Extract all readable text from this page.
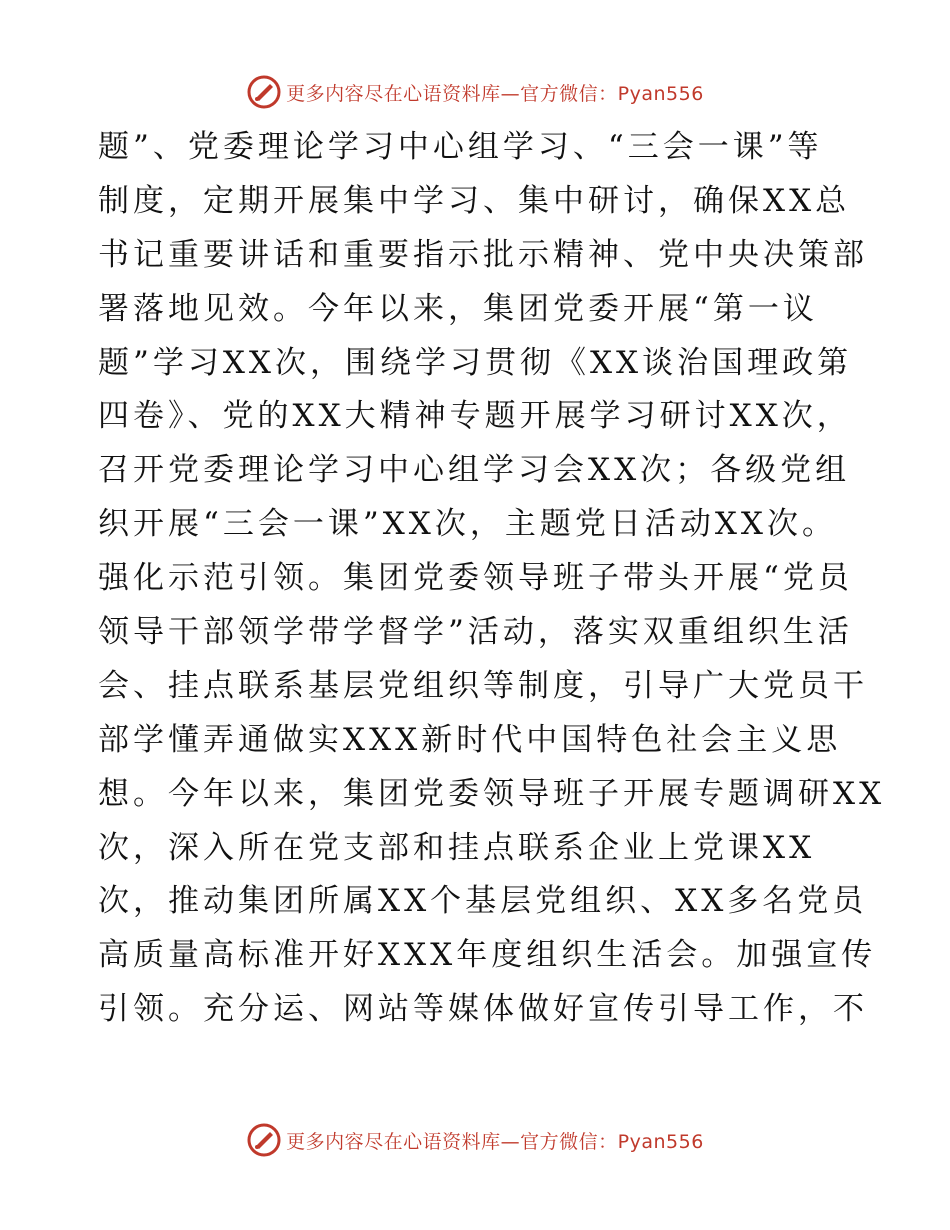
更多内容尽在心语资料库—官方微信：Pyan556
题”、党委理论学习中心组学习、“三会一课”等
制度，定期开展集中学习、集中研讨，确保XX总
书记重要讲话和重要指示批示精神、党中央决策部
署落地见效。今年以来，集团党委开展“第一议
题”学习XX次，围绕学习贯彻《XX谈治国理政第
四卷》、党的XX大精神专题开展学习研讨XX次，
召开党委理论学习中心组学习会XX次；各级党组
织开展“三会一课”XX次，主题党日活动XX次。
强化示范引领。集团党委领导班子带头开展“党员
领导干部领学带学督学”活动，落实双重组织生活
会、挂点联系基层党组织等制度，引导广大党员干
部学懂弄通做实XXX新时代中国特色社会主义思
想。今年以来，集团党委领导班子开展专题调研XX
次，深入所在党支部和挂点联系企业上党课XX
次，推动集团所属XX个基层党组织、XX多名党员
高质量高标准开好XXX年度组织生活会。加强宣传
引领。充分运、网站等媒体做好宣传引导工作，不
更多内容尽在心语资料库—官方微信：Pyan556
